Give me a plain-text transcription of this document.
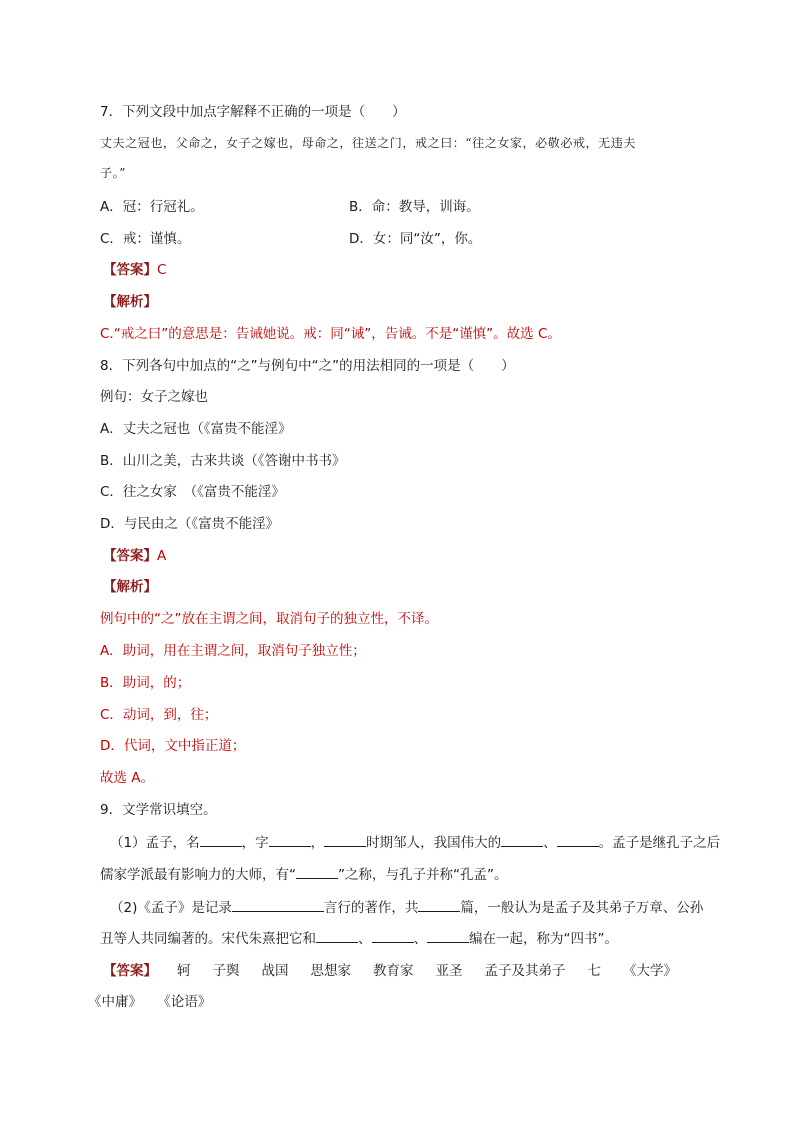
7．下列文段中加点字解释不正确的一项是（　　）
丈夫之冠也，父命之，女子之嫁也，母命之，往送之门，戒之曰：“往之女家，必敬必戒，无违夫
子。”
A．冠：行冠礼。	B．命：教导，训诲。
C．戒：谨慎。	D．女：同“汝”，你。
【答案】C
【解析】
C.“戒之曰”的意思是：告诫她说。戒：同“诫”，告诫。不是“谨慎”。故选 C。
8．下列各句中加点的“之”与例句中“之”的用法相同的一项是（　　）
例句：女子之嫁也
A．丈夫之冠也（《富贵不能淫》
B．山川之美，古来共谈（《答谢中书书》
C．往之女家　（《富贵不能淫》
D．与民由之（《富贵不能淫》
【答案】A
【解析】
例句中的“之”放在主谓之间，取消句子的独立性，不译。
A．助词，用在主谓之间，取消句子独立性；
B．助词，的；
C．动词，到，往；
D．代词，文中指正道；
故选 A。
9．文学常识填空。
（1）孟子，名	，字	，	时期邹人，我国伟大的	、	。孟子是继孔子之后
儒家学派最有影响力的大师，有“	”之称，与孔子并称“孔孟”。
（2)《孟子》是记录	言行的著作，共	篇，一般认为是孟子及其弟子万章、公孙
丑等人共同编著的。宋代朱熹把它和	、	、	编在一起，称为“四书”。
【答案】 轲 子舆 战国 思想家 教育家 亚圣 孟子及其弟子 七 《大学》
《中庸》 《论语》
